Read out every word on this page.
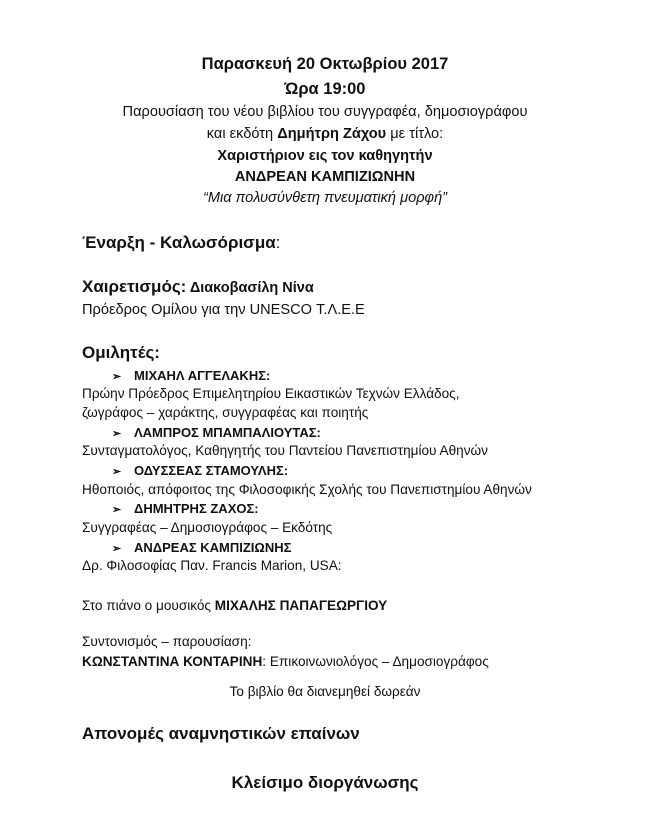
Παρασκευή 20 Οκτωβρίου 2017
Ώρα 19:00
Παρουσίαση του νέου βιβλίου του συγγραφέα, δημοσιογράφου
και εκδότη Δημήτρη Ζάχου με τίτλο:
Χαριστήριον εις τον καθηγητήν
ΑΝΔΡΕΑΝ ΚΑΜΠΙΖΙΩΝΗΝ
“Μια πολυσύνθετη πνευματική μορφή”
Έναρξη - Καλωσόρισμα:
Χαιρετισμός: Διακοβασίλη Νίνα
Πρόεδρος Ομίλου για την UNESCO Τ.Λ.Ε.Ε
Ομιλητές:
➢ ΜΙΧΑΗΛ ΑΓΓΕΛΑΚΗΣ:
Πρώην Πρόεδρος Επιμελητηρίου Εικαστικών Τεχνών Ελλάδος,
ζωγράφος – χαράκτης, συγγραφέας και ποιητής
➢ ΛΑΜΠΡΟΣ ΜΠΑΜΠΑΛΙΟΥΤΑΣ:
Συνταγματολόγος, Καθηγητής του Παντείου Πανεπιστημίου Αθηνών
➢ ΟΔΥΣΣΕΑΣ ΣΤΑΜΟΥΛΗΣ:
Ηθοποιός, απόφοιτος της Φιλοσοφικής Σχολής του Πανεπιστημίου Αθηνών
➢ ΔΗΜΗΤΡΗΣ ΖΑΧΟΣ:
Συγγραφέας – Δημοσιογράφος – Εκδότης
➢ ΑΝΔΡΕΑΣ ΚΑΜΠΙΖΙΩΝΗΣ
Δρ. Φιλοσοφίας Παν. Francis Marion, USA:
Στο πιάνο ο μουσικός ΜΙΧΑΛΗΣ ΠΑΠΑΓΕΩΡΓΙΟΥ
Συντονισμός – παρουσίαση:
ΚΩΝΣΤΑΝΤΙΝΑ ΚΟΝΤΑΡΙΝΗ: Επικοινωνιολόγος – Δημοσιογράφος
Το βιβλίο θα διανεμηθεί δωρεάν
Απονομές αναμνηστικών επαίνων
Κλείσιμο διοργάνωσης
